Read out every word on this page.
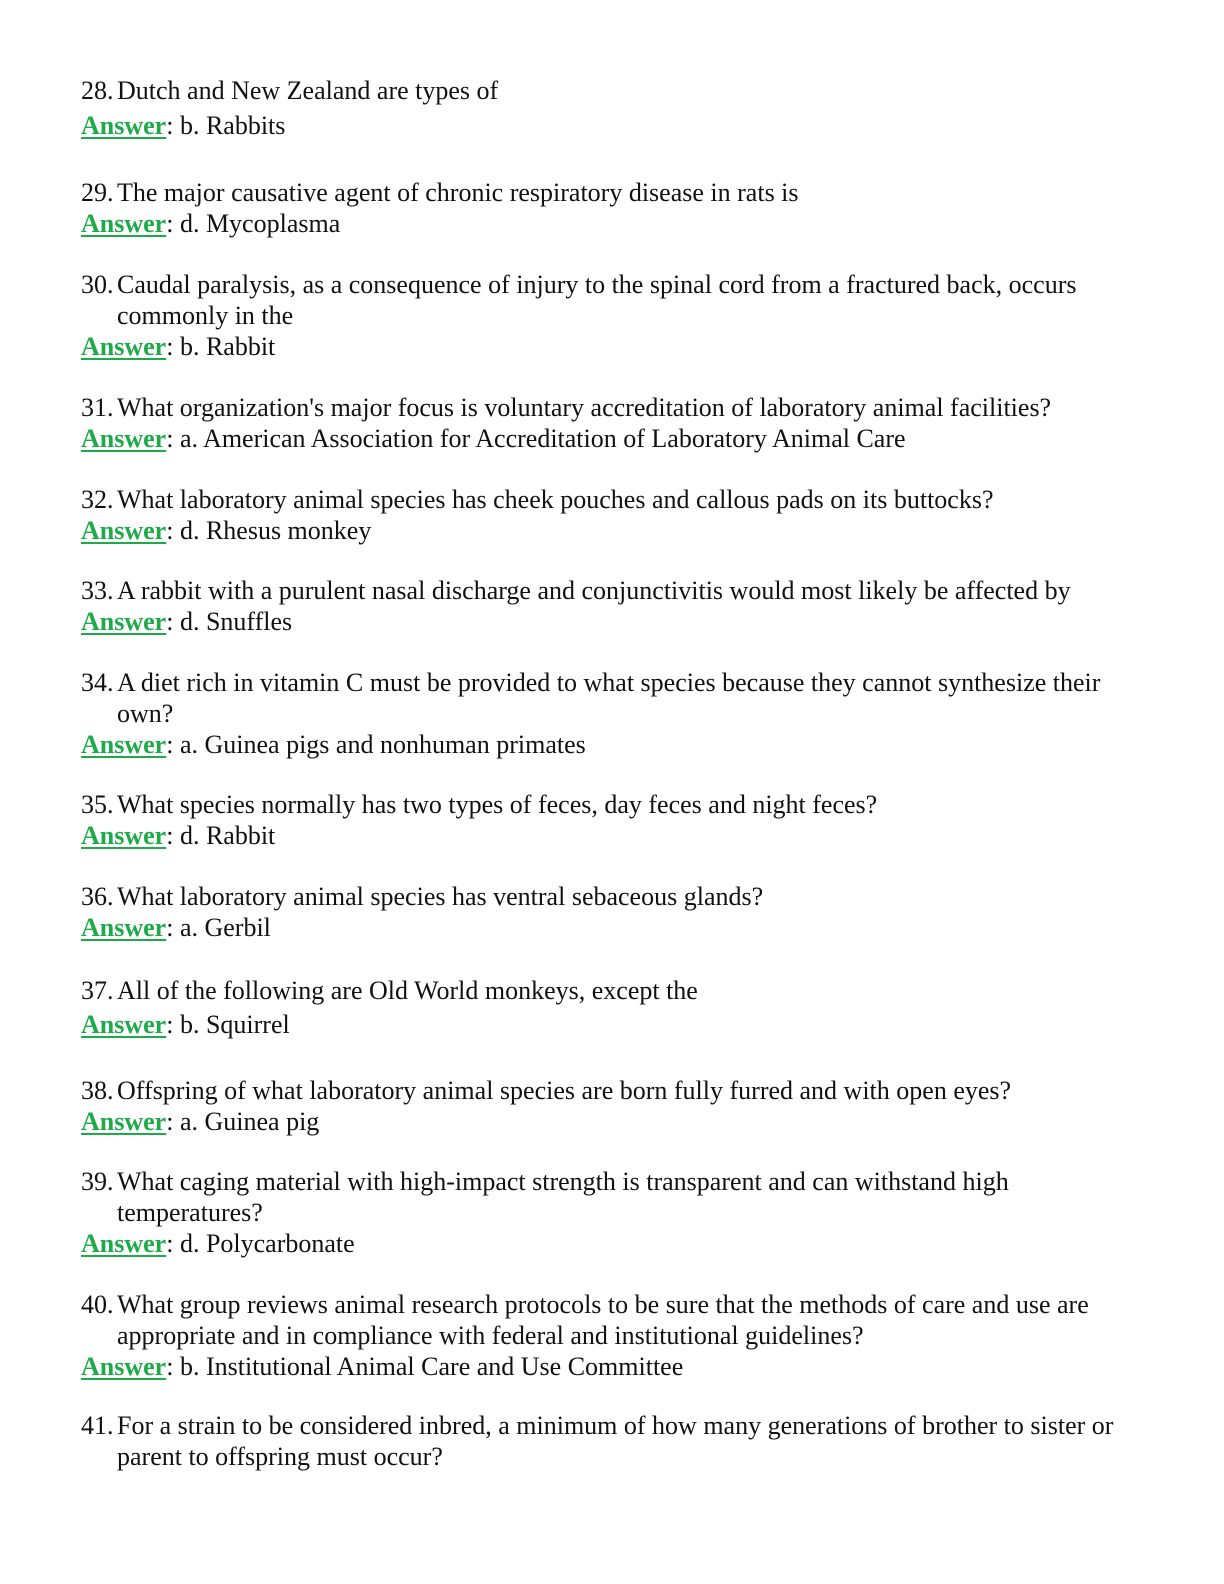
28. Dutch and New Zealand are types of
Answer: b. Rabbits
29. The major causative agent of chronic respiratory disease in rats is
Answer: d. Mycoplasma
30. Caudal paralysis, as a consequence of injury to the spinal cord from a fractured back, occurs commonly in the
Answer: b. Rabbit
31. What organization's major focus is voluntary accreditation of laboratory animal facilities?
Answer: a. American Association for Accreditation of Laboratory Animal Care
32. What laboratory animal species has cheek pouches and callous pads on its buttocks?
Answer: d. Rhesus monkey
33. A rabbit with a purulent nasal discharge and conjunctivitis would most likely be affected by
Answer: d. Snuffles
34. A diet rich in vitamin C must be provided to what species because they cannot synthesize their own?
Answer: a. Guinea pigs and nonhuman primates
35. What species normally has two types of feces, day feces and night feces?
Answer: d. Rabbit
36. What laboratory animal species has ventral sebaceous glands?
Answer: a. Gerbil
37. All of the following are Old World monkeys, except the
Answer: b. Squirrel
38. Offspring of what laboratory animal species are born fully furred and with open eyes?
Answer: a. Guinea pig
39. What caging material with high-impact strength is transparent and can withstand high temperatures?
Answer: d. Polycarbonate
40. What group reviews animal research protocols to be sure that the methods of care and use are appropriate and in compliance with federal and institutional guidelines?
Answer: b. Institutional Animal Care and Use Committee
41. For a strain to be considered inbred, a minimum of how many generations of brother to sister or parent to offspring must occur?
